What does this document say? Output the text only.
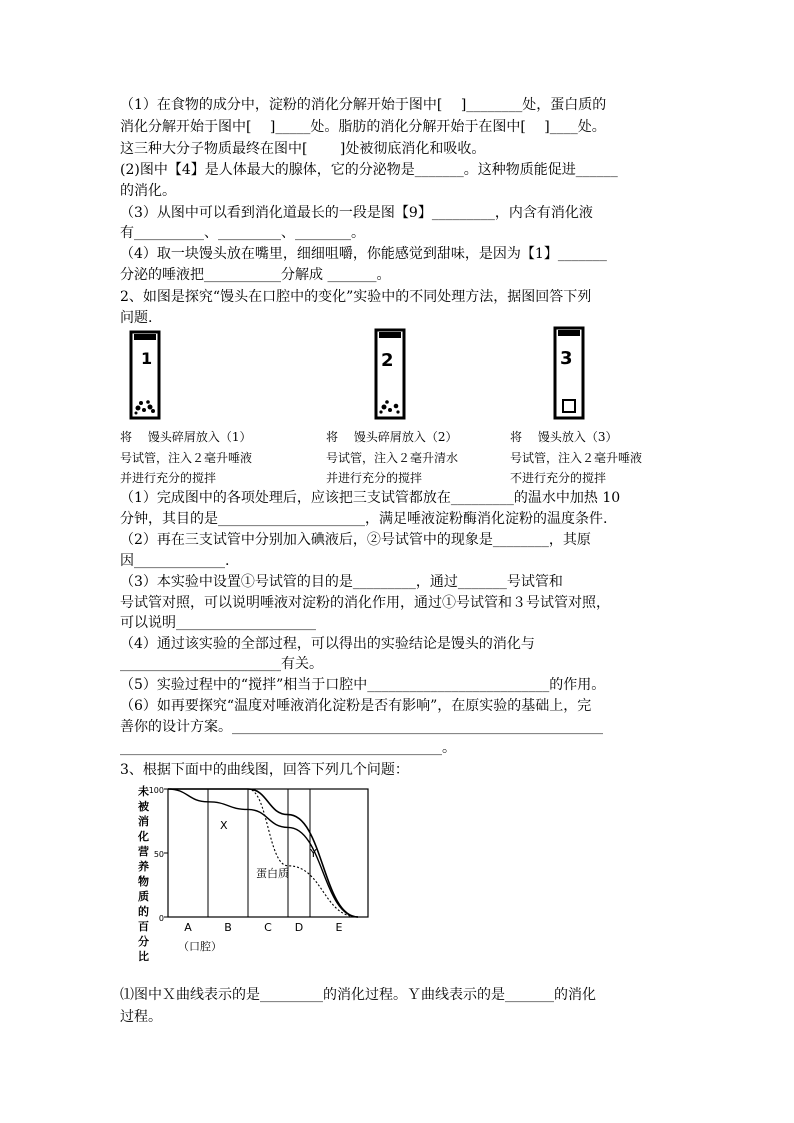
（1）在食物的成分中，淀粉的消化分解开始于图中[　 ]________处，蛋白质的
消化分解开始于图中[　 ]_____处。脂肪的消化分解开始于在图中[　 ]____处。
这三种大分子物质最终在图中[　　 ]处被彻底消化和吸收。
(2)图中【4】是人体最大的腺体，它的分泌物是_______。这种物质能促进______
的消化。
（3）从图中可以看到消化道最长的一段是图【9】_________，内含有消化液
有__________、_________、________。
（4）取一块馒头放在嘴里，细细咀嚼，你能感觉到甜味，是因为【1】_______
分泌的唾液把___________分解成 _______。
2、如图是探究“馒头在口腔中的变化”实验中的不同处理方法，据图回答下列
问题.
1	2	3
将　 馒头碎屑放入（1）
号试管，注入２毫升唾液
并进行充分的搅拌
将　 馒头碎屑放入（2）
号试管，注入２毫升清水
并进行充分的搅拌
将　 馒头放入（3）
号试管，注入２毫升唾液
不进行充分的搅拌
（1）完成图中的各项处理后，应该把三支试管都放在_________的温水中加热 10
分钟，其目的是_____________________，满足唾液淀粉酶消化淀粉的温度条件.
（2）再在三支试管中分别加入碘液后，②号试管中的现象是________，其原
因_____________.
（3）本实验中设置①号试管的目的是_________，通过_______号试管和
号试管对照，可以说明唾液对淀粉的消化作用，通过①号试管和３号试管对照，
可以说明____________________
（4）通过该实验的全部过程，可以得出的实验结论是馒头的消化与
_______________________有关。
（5）实验过程中的“搅拌”相当于口腔中__________________________的作用。
（6）如再要探究“温度对唾液消化淀粉是否有影响”，在原实验的基础上，完
善你的设计方案。_____________________________________________________
______________________________________________。
3、根据下面中的曲线图，回答下列几个问题：
未
被
消
化
营
养
物
质
的
百
分
比
100
50
0
A	B	C D	E
（口腔）
X
蛋白质
Y
⑴图中Ｘ曲线表示的是_________的消化过程。Ｙ曲线表示的是_______的消化
过程。
